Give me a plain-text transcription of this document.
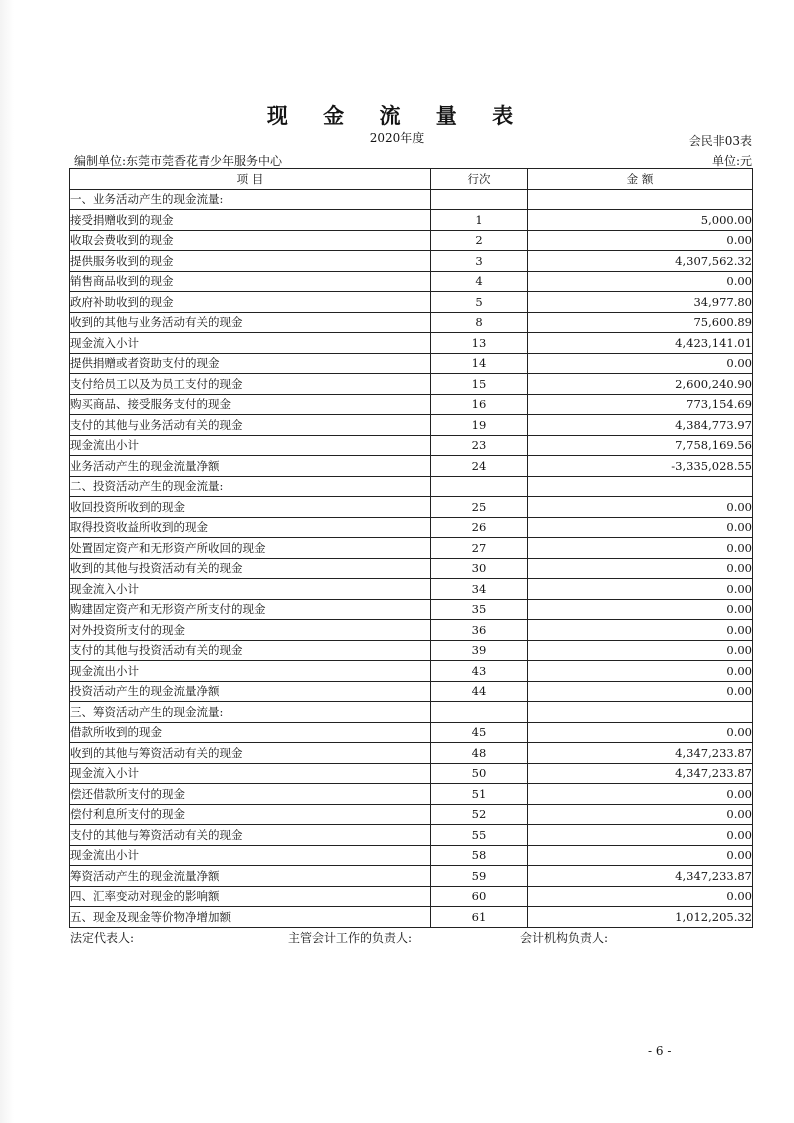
现 金 流 量 表
2020年度	会民非03表
编制单位:东莞市莞香花青少年服务中心	单位:元
项 目	行次	金 额
一、业务活动产生的现金流量:		
接受捐赠收到的现金	1	5,000.00
收取会费收到的现金	2	0.00
提供服务收到的现金	3	4,307,562.32
销售商品收到的现金	4	0.00
政府补助收到的现金	5	34,977.80
收到的其他与业务活动有关的现金	8	75,600.89
现金流入小计	13	4,423,141.01
提供捐赠或者资助支付的现金	14	0.00
支付给员工以及为员工支付的现金	15	2,600,240.90
购买商品、接受服务支付的现金	16	773,154.69
支付的其他与业务活动有关的现金	19	4,384,773.97
现金流出小计	23	7,758,169.56
业务活动产生的现金流量净额	24	-3,335,028.55
二、投资活动产生的现金流量:		
收回投资所收到的现金	25	0.00
取得投资收益所收到的现金	26	0.00
处置固定资产和无形资产所收回的现金	27	0.00
收到的其他与投资活动有关的现金	30	0.00
现金流入小计	34	0.00
购建固定资产和无形资产所支付的现金	35	0.00
对外投资所支付的现金	36	0.00
支付的其他与投资活动有关的现金	39	0.00
现金流出小计	43	0.00
投资活动产生的现金流量净额	44	0.00
三、筹资活动产生的现金流量:		
借款所收到的现金	45	0.00
收到的其他与筹资活动有关的现金	48	4,347,233.87
现金流入小计	50	4,347,233.87
偿还借款所支付的现金	51	0.00
偿付利息所支付的现金	52	0.00
支付的其他与筹资活动有关的现金	55	0.00
现金流出小计	58	0.00
筹资活动产生的现金流量净额	59	4,347,233.87
四、汇率变动对现金的影响额	60	0.00
五、现金及现金等价物净增加额	61	1,012,205.32
法定代表人:	主管会计工作的负责人:	会计机构负责人:
- 6 -
